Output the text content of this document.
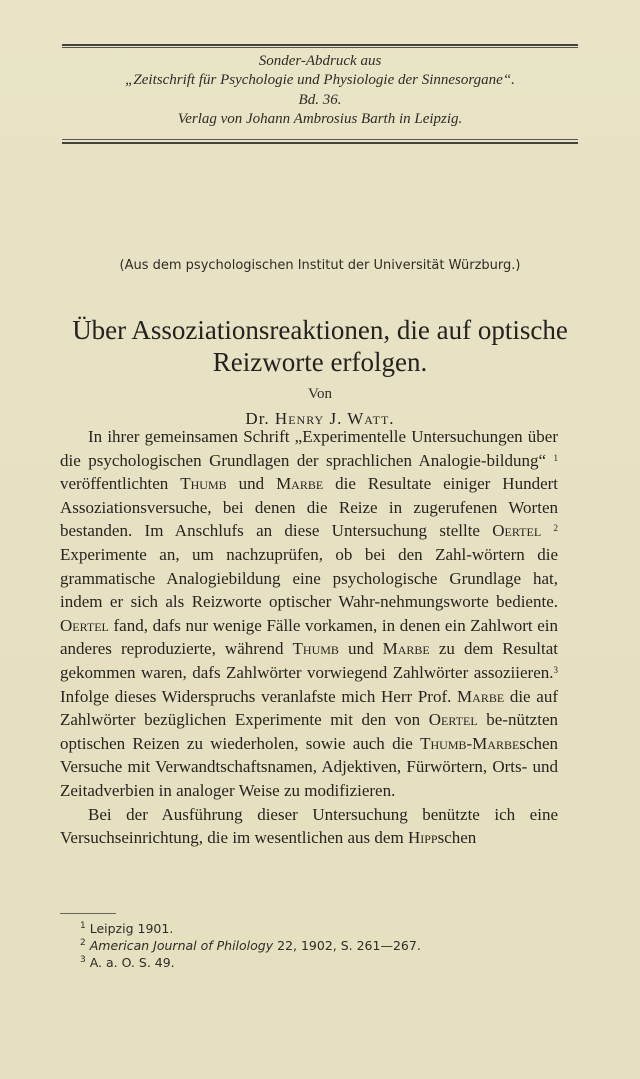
Sonder-Abdruck aus
„Zeitschrift für Psychologie und Physiologie der Sinnesorgane“.
Bd. 36.
Verlag von Johann Ambrosius Barth in Leipzig.
(Aus dem psychologischen Institut der Universität Würzburg.)
Über Assoziationsreaktionen, die auf optische
Reizworte erfolgen.
Von
Dr. Henry J. Watt.

In ihrer gemeinsamen Schrift „Experimentelle Untersuchungen über die psychologischen Grundlagen der sprachlichen Analogie-bildung“ $^1$ veröffentlichten Thumb und Marbe die Resultate einiger Hundert Assoziationsversuche, bei denen die Reize in zugerufenen Worten bestanden. Im Anschlufs an diese Untersuchung stellte Oertel $^2$ Experimente an, um nachzuprüfen, ob bei den Zahl-wörtern die grammatische Analogiebildung eine psychologische Grundlage hat, indem er sich als Reizworte optischer Wahr-nehmungsworte bediente. Oertel fand, dafs nur wenige Fälle vorkamen, in denen ein Zahlwort ein anderes reproduzierte, während Thumb und Marbe zu dem Resultat gekommen waren, dafs Zahlwörter vorwiegend Zahlwörter assoziieren.$^3$ Infolge dieses Widerspruchs veranlafste mich Herr Prof. Marbe die auf Zahlwörter bezüglichen Experimente mit den von Oertel be-nützten optischen Reizen zu wiederholen, sowie auch die Thumb-Marbeschen Versuche mit Verwandtschaftsnamen, Adjektiven, Fürwörtern, Orts- und Zeitadverbien in analoger Weise zu modifizieren.

Bei der Ausführung dieser Untersuchung benützte ich eine Versuchseinrichtung, die im wesentlichen aus dem Hippschen

$^1$ Leipzig 1901.
$^2$ American Journal of Philology 22, 1902, S. 261—267.
$^3$ A. a. O. S. 49.
